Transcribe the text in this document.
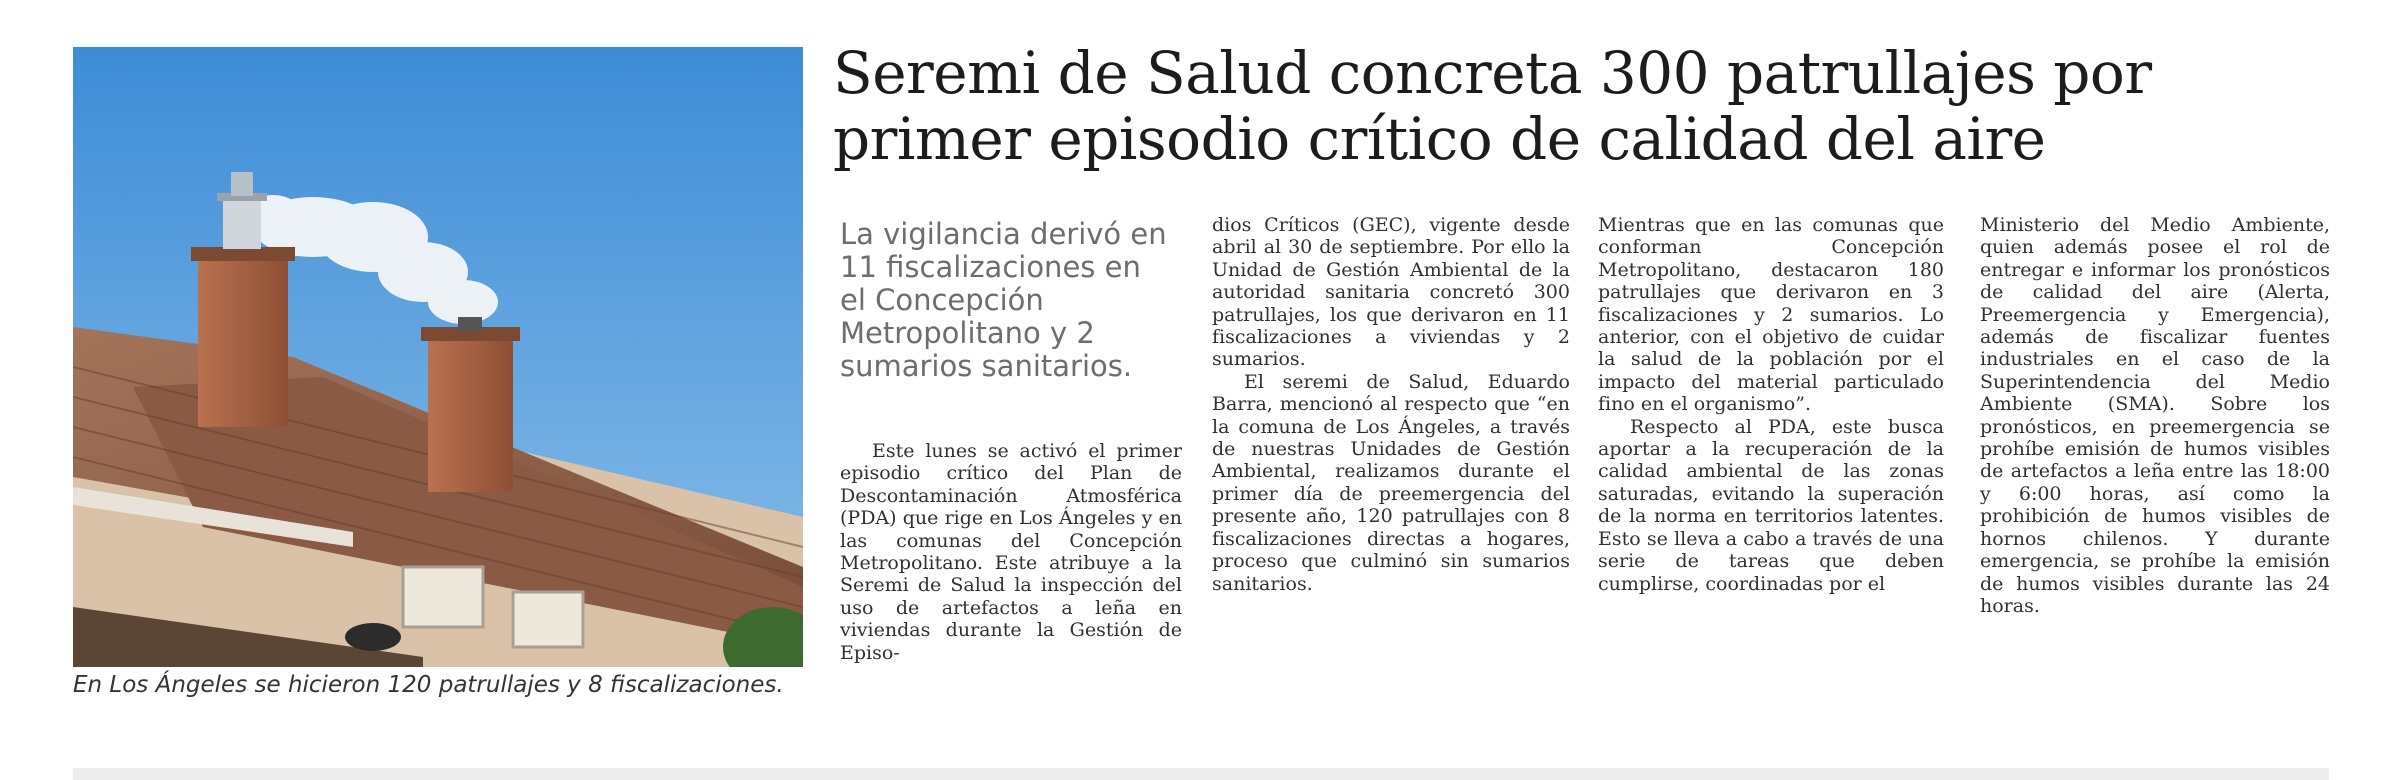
En Los Ángeles se hicieron 120 patrullajes y 8 fiscalizaciones.
Seremi de Salud concreta 300 patrullajes por primer episodio crítico de calidad del aire

La vigilancia derivó en 11 fiscalizaciones en el Concepción Metropolitano y 2 sumarios sanitarios.

Este lunes se activó el primer episodio crítico del Plan de Descontaminación Atmosférica (PDA) que rige en Los Ángeles y en las comunas del Concepción Metropolitano. Este atribuye a la Seremi de Salud la inspección del uso de artefactos a leña en viviendas durante la Gestión de Episo-

dios Críticos (GEC), vigente desde abril al 30 de septiembre. Por ello la Unidad de Gestión Ambiental de la autoridad sanitaria concretó 300 patrullajes, los que derivaron en 11 fiscalizaciones a viviendas y 2 sumarios.

El seremi de Salud, Eduardo Barra, mencionó al respecto que “en la comuna de Los Ángeles, a través de nuestras Unidades de Gestión Ambiental, realizamos durante el primer día de preemergencia del presente año, 120 patrullajes con 8 fiscalizaciones directas a hogares, proceso que culminó sin sumarios sanitarios.

Mientras que en las comunas que conforman Concepción Metropolitano, destacaron 180 patrullajes que derivaron en 3 fiscalizaciones y 2 sumarios. Lo anterior, con el objetivo de cuidar la salud de la población por el impacto del material particulado fino en el organismo”.

Respecto al PDA, este busca aportar a la recuperación de la calidad ambiental de las zonas saturadas, evitando la superación de la norma en territorios latentes. Esto se lleva a cabo a través de una serie de tareas que deben cumplirse, coordinadas por el

Ministerio del Medio Ambiente, quien además posee el rol de entregar e informar los pronósticos de calidad del aire (Alerta, Preemergencia y Emergencia), además de fiscalizar fuentes industriales en el caso de la Superintendencia del Medio Ambiente (SMA). Sobre los pronósticos, en preemergencia se prohíbe emisión de humos visibles de artefactos a leña entre las 18:00 y 6:00 horas, así como la prohibición de humos visibles de hornos chilenos. Y durante emergencia, se prohíbe la emisión de humos visibles durante las 24 horas.
